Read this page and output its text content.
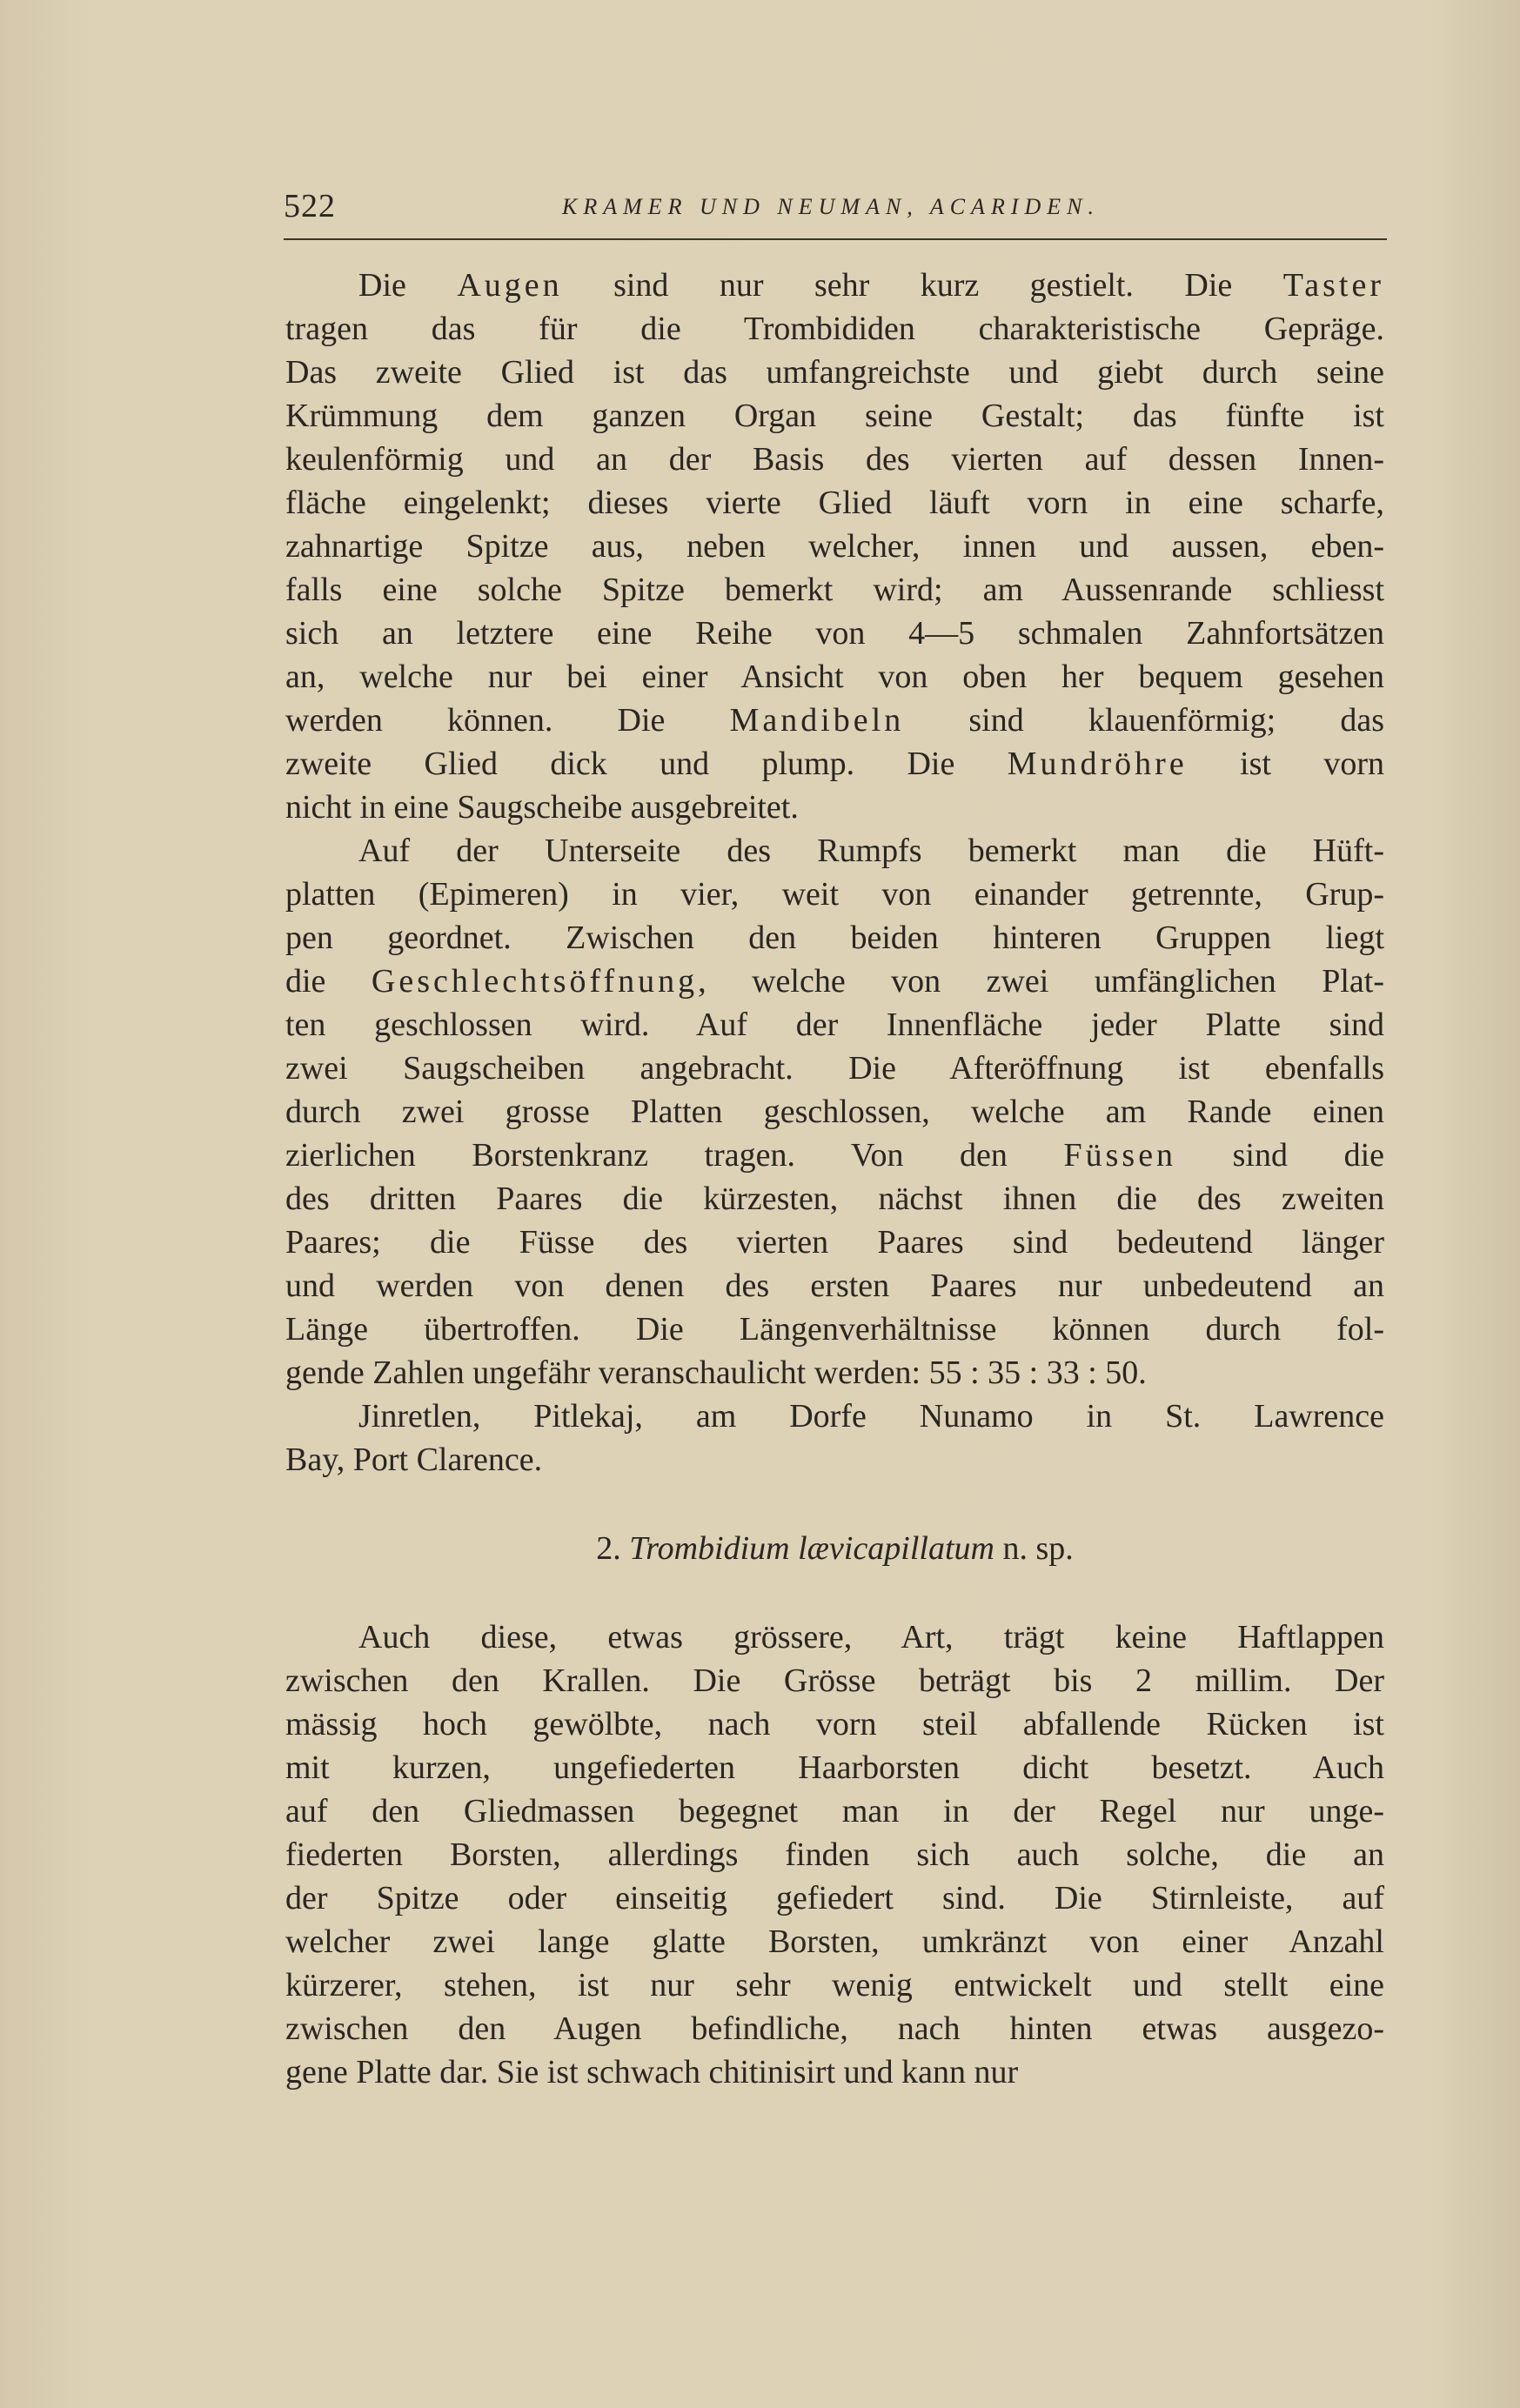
522	KRAMER UND NEUMAN, ACARIDEN.
Die Augen sind nur sehr kurz gestielt. Die Taster
tragen das für die Trombididen charakteristische Gepräge.
Das zweite Glied ist das umfangreichste und giebt durch seine
Krümmung dem ganzen Organ seine Gestalt; das fünfte ist
keulenförmig und an der Basis des vierten auf dessen Innen-
fläche eingelenkt; dieses vierte Glied läuft vorn in eine scharfe,
zahnartige Spitze aus, neben welcher, innen und aussen, eben-
falls eine solche Spitze bemerkt wird; am Aussenrande schliesst
sich an letztere eine Reihe von 4—5 schmalen Zahnfortsätzen
an, welche nur bei einer Ansicht von oben her bequem gesehen
werden können. Die Mandibeln sind klauenförmig; das
zweite Glied dick und plump. Die Mundröhre ist vorn
nicht in eine Saugscheibe ausgebreitet.
Auf der Unterseite des Rumpfs bemerkt man die Hüft-
platten (Epimeren) in vier, weit von einander getrennte, Grup-
pen geordnet. Zwischen den beiden hinteren Gruppen liegt
die Geschlechtsöffnung, welche von zwei umfänglichen Plat-
ten geschlossen wird. Auf der Innenfläche jeder Platte sind
zwei Saugscheiben angebracht. Die Afteröffnung ist ebenfalls
durch zwei grosse Platten geschlossen, welche am Rande einen
zierlichen Borstenkranz tragen. Von den Füssen sind die
des dritten Paares die kürzesten, nächst ihnen die des zweiten
Paares; die Füsse des vierten Paares sind bedeutend länger
und werden von denen des ersten Paares nur unbedeutend an
Länge übertroffen. Die Längenverhältnisse können durch fol-
gende Zahlen ungefähr veranschaulicht werden: 55 : 35 : 33 : 50.
Jinretlen, Pitlekaj, am Dorfe Nunamo in St. Lawrence
Bay, Port Clarence.
2. Trombidium lævicapillatum n. sp.
Auch diese, etwas grössere, Art, trägt keine Haftlappen
zwischen den Krallen. Die Grösse beträgt bis 2 millim. Der
mässig hoch gewölbte, nach vorn steil abfallende Rücken ist
mit kurzen, ungefiederten Haarborsten dicht besetzt. Auch
auf den Gliedmassen begegnet man in der Regel nur unge-
fiederten Borsten, allerdings finden sich auch solche, die an
der Spitze oder einseitig gefiedert sind. Die Stirnleiste, auf
welcher zwei lange glatte Borsten, umkränzt von einer Anzahl
kürzerer, stehen, ist nur sehr wenig entwickelt und stellt eine
zwischen den Augen befindliche, nach hinten etwas ausgezo-
gene Platte dar. Sie ist schwach chitinisirt und kann nur
